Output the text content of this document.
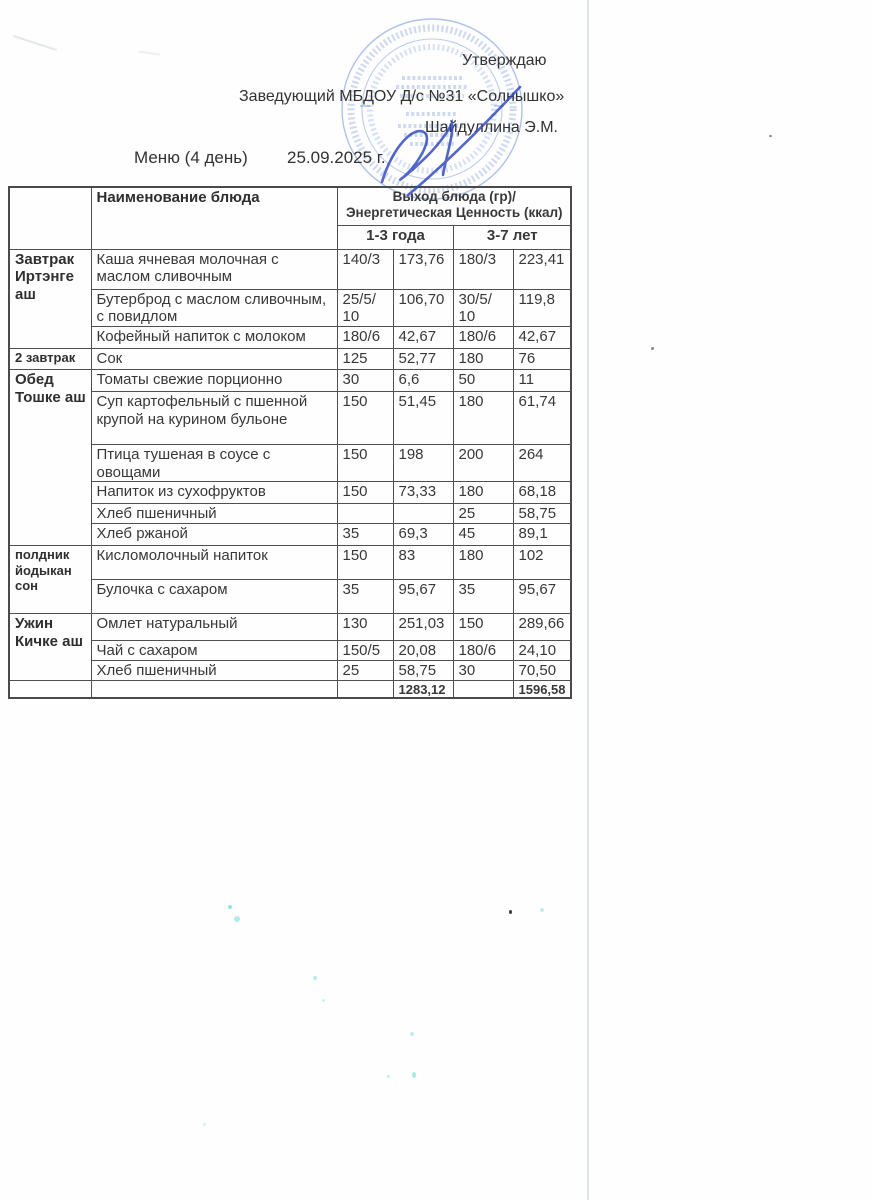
Утверждаю
Заведующий МБДОУ Д/с №31 «Солнышко»
Шайдуллина Э.М.
Меню (4 день) 25.09.2025 г.
	Наименование блюда	Выход блюда (гр)/Энергетическая Ценность (ккал)			
		1-3 года		3-7 лет	
Завтрак Иртэнге аш	Каша ячневая молочная с маслом сливочным	140/3	173,76	180/3	223,41
	Бутерброд с маслом сливочным, с повидлом	25/5/ 10	106,70	30/5/ 10	119,8
	Кофейный напиток с молоком	180/6	42,67	180/6	42,67
2 завтрак	Сок	125	52,77	180	76
Обед Тошке аш	Томаты свежие порционно	30	6,6	50	11
	Суп картофельный с пшенной крупой на курином бульоне	150	51,45	180	61,74
	Птица тушеная в соусе с овощами	150	198	200	264
	Напиток из сухофруктов	150	73,33	180	68,18
	Хлеб пшеничный			25	58,75
	Хлеб ржаной	35	69,3	45	89,1
полдник йодыкан сон	Кисломолочный напиток	150	83	180	102
	Булочка с сахаром	35	95,67	35	95,67
Ужин Кичке аш	Омлет натуральный	130	251,03	150	289,66
	Чай с сахаром	150/5	20,08	180/6	24,10
	Хлеб пшеничный	25	58,75	30	70,50
			1283,12		1596,58
